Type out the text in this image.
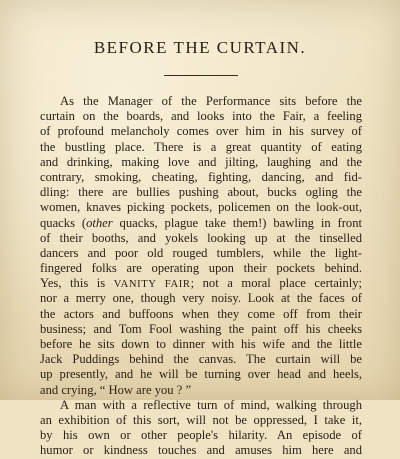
BEFORE THE CURTAIN.
As the Manager of the Performance sits before the
curtain on the boards, and looks into the Fair, a feeling
of profound melancholy comes over him in his survey of
the bustling place. There is a great quantity of eating
and drinking, making love and jilting, laughing and the
contrary, smoking, cheating, fighting, dancing, and fid-
dling: there are bullies pushing about, bucks ogling the
women, knaves picking pockets, policemen on the look-out,
quacks (other quacks, plague take them!) bawling in front
of their booths, and yokels looking up at the tinselled
dancers and poor old rouged tumblers, while the light-
fingered folks are operating upon their pockets behind.
Yes, this is VANITY FAIR; not a moral place certainly;
nor a merry one, though very noisy. Look at the faces of
the actors and buffoons when they come off from their
business; and Tom Fool washing the paint off his cheeks
before he sits down to dinner with his wife and the little
Jack Puddings behind the canvas. The curtain will be
up presently, and he will be turning over head and heels,
and crying, “ How are you ? ”
A man with a reflective turn of mind, walking through
an exhibition of this sort, will not be oppressed, I take it,
by his own or other people's hilarity. An episode of
humor or kindness touches and amuses him here and
